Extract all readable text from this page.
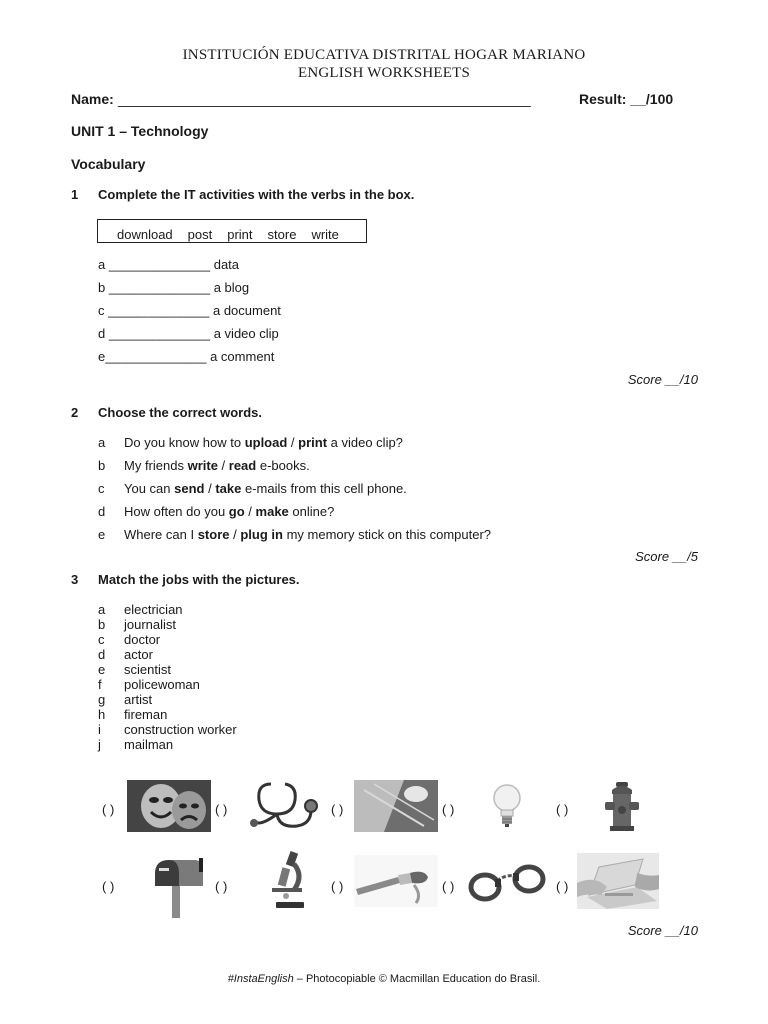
INSTITUCIÓN EDUCATIVA DISTRITAL HOGAR MARIANO
ENGLISH WORKSHEETS
Name: _____________________________________________________	Result: __/100
UNIT 1 – Technology
Vocabulary
1 Complete the IT activities with the verbs in the box.
download post print store write
a ______________ data
b ______________ a blog
c ______________ a document
d ______________ a video clip
e______________ a comment
Score __/10
2 Choose the correct words.
a Do you know how to upload / print a video clip?
b My friends write / read e-books.
c You can send / take e-mails from this cell phone.
d How often do you go / make online?
e Where can I store / plug in my memory stick on this computer?
Score __/5
3 Match the jobs with the pictures.
a electrician
b journalist
c doctor
d actor
e scientist
f policewoman
g artist
h fireman
i construction worker
j mailman
( )	( )	( )	( )	( )
( )	( )	( )	( )	( )
Score __/10
#InstaEnglish – Photocopiable © Macmillan Education do Brasil.
